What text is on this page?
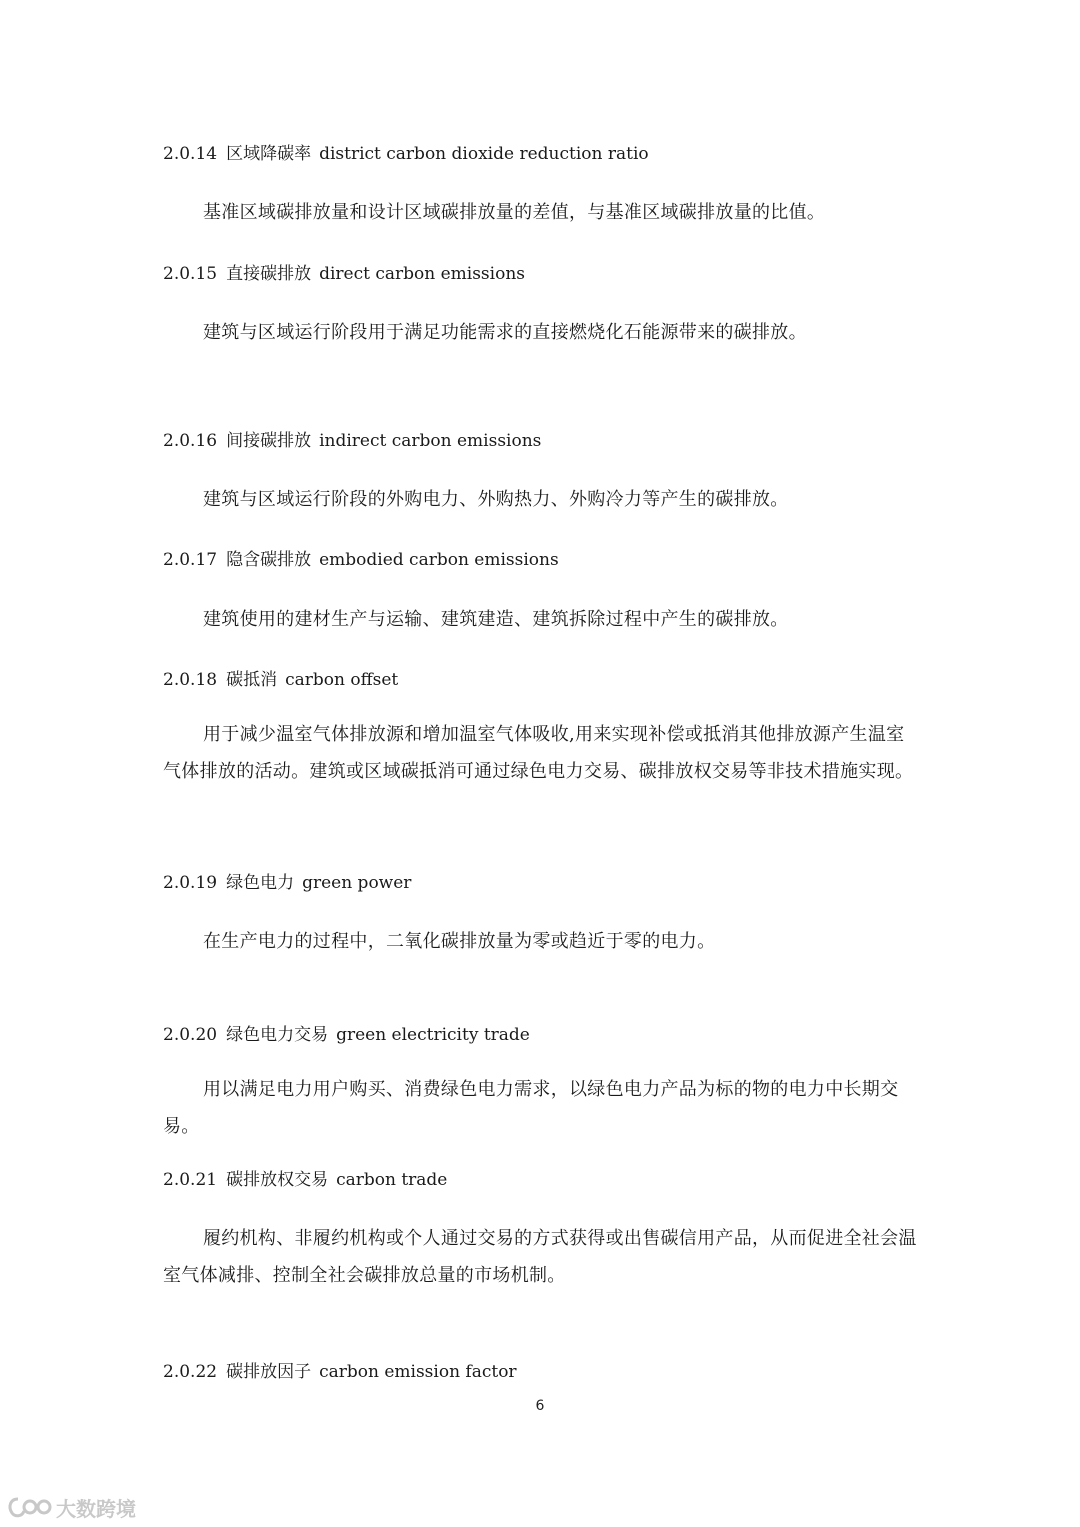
2.0.14 区域降碳率 district carbon dioxide reduction ratio
基准区域碳排放量和设计区域碳排放量的差值，与基准区域碳排放量的比值。
2.0.15 直接碳排放 direct carbon emissions
建筑与区域运行阶段用于满足功能需求的直接燃烧化石能源带来的碳排放。
2.0.16 间接碳排放 indirect carbon emissions
建筑与区域运行阶段的外购电力、外购热力、外购冷力等产生的碳排放。
2.0.17 隐含碳排放 embodied carbon emissions
建筑使用的建材生产与运输、建筑建造、建筑拆除过程中产生的碳排放。
2.0.18 碳抵消 carbon offset
用于减少温室气体排放源和增加温室气体吸收,用来实现补偿或抵消其他排放源产生温室气体排放的活动。建筑或区域碳抵消可通过绿色电力交易、碳排放权交易等非技术措施实现。
2.0.19 绿色电力 green power
在生产电力的过程中，二氧化碳排放量为零或趋近于零的电力。
2.0.20 绿色电力交易 green electricity trade
用以满足电力用户购买、消费绿色电力需求，以绿色电力产品为标的物的电力中长期交易。
2.0.21 碳排放权交易 carbon trade
履约机构、非履约机构或个人通过交易的方式获得或出售碳信用产品，从而促进全社会温室气体减排、控制全社会碳排放总量的市场机制。
2.0.22 碳排放因子 carbon emission factor
6
大数跨境
